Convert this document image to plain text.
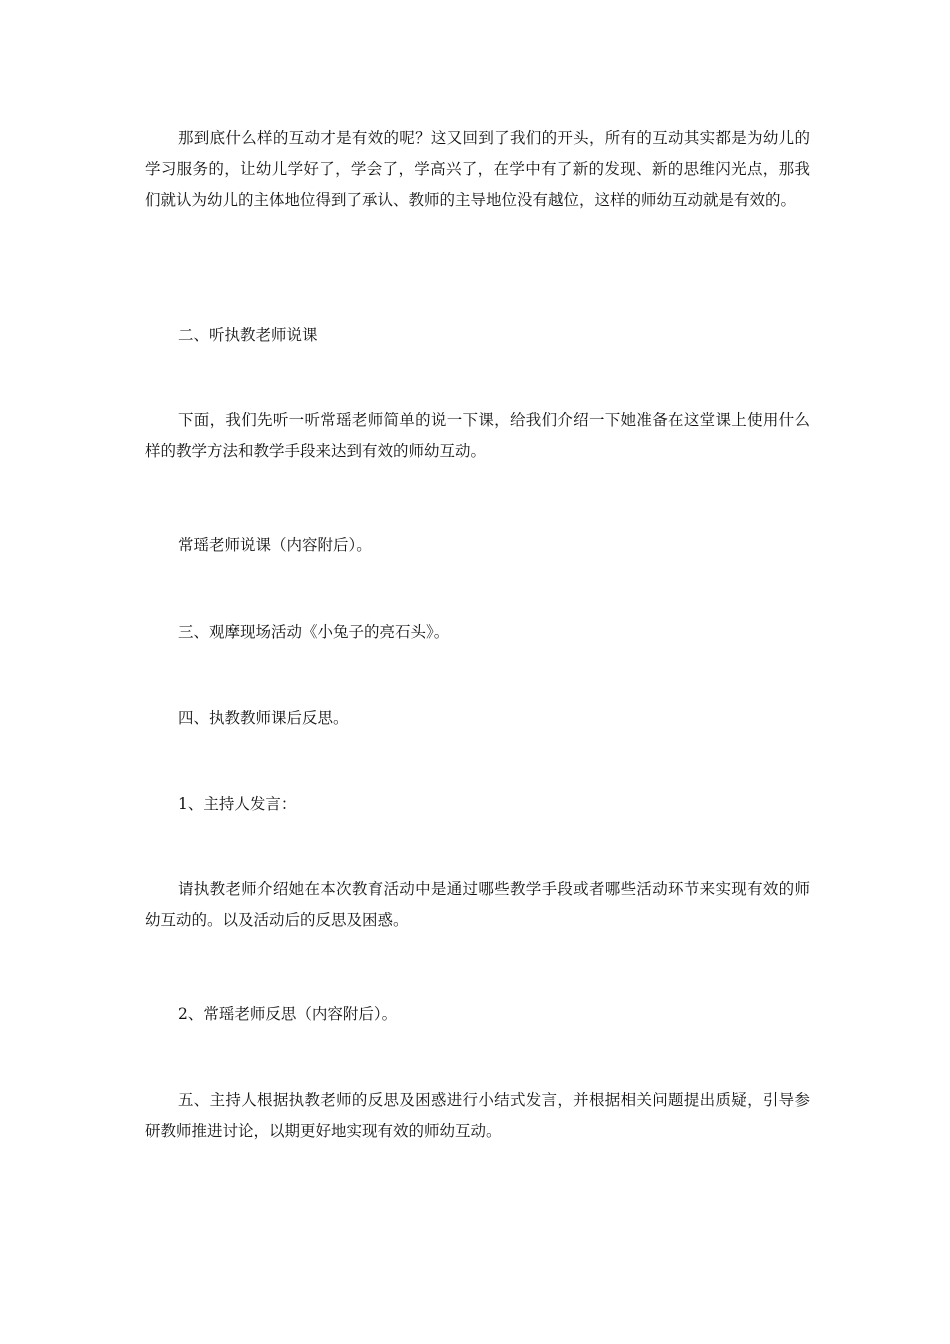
那到底什么样的互动才是有效的呢？这又回到了我们的开头，所有的互动其实都是为幼儿的学习服务的，让幼儿学好了，学会了，学高兴了，在学中有了新的发现、新的思维闪光点，那我们就认为幼儿的主体地位得到了承认、教师的主导地位没有越位，这样的师幼互动就是有效的。

二、听执教老师说课

下面，我们先听一听常瑶老师简单的说一下课，给我们介绍一下她准备在这堂课上使用什么样的教学方法和教学手段来达到有效的师幼互动。

常瑶老师说课（内容附后）。

三、观摩现场活动《小兔子的亮石头》。

四、执教教师课后反思。

1、主持人发言：

请执教老师介绍她在本次教育活动中是通过哪些教学手段或者哪些活动环节来实现有效的师幼互动的。以及活动后的反思及困惑。

2、常瑶老师反思（内容附后）。

五、主持人根据执教老师的反思及困惑进行小结式发言，并根据相关问题提出质疑，引导参研教师推进讨论，以期更好地实现有效的师幼互动。
